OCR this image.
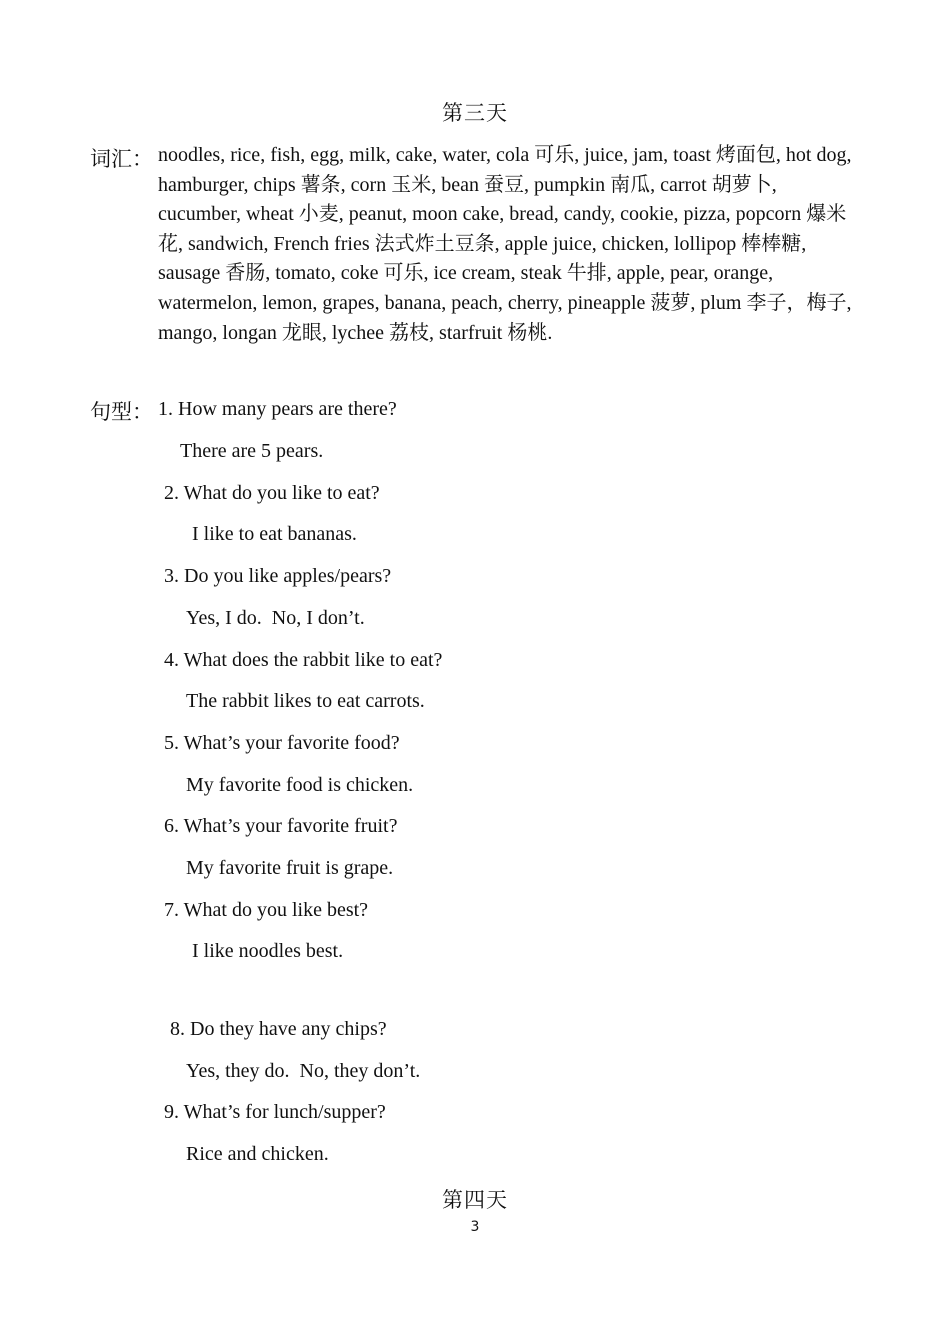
第三天
词汇： noodles, rice, fish, egg, milk, cake, water, cola 可乐, juice, jam, toast 烤面包, hot dog, hamburger, chips 薯条, corn 玉米, bean 蚕豆, pumpkin 南瓜, carrot 胡萝卜, cucumber, wheat 小麦, peanut, moon cake, bread, candy, cookie, pizza, popcorn 爆米花, sandwich, French fries 法式炸土豆条, apple juice, chicken, lollipop 棒棒糖, sausage 香肠, tomato, coke 可乐, ice cream, steak 牛排, apple, pear, orange, watermelon, lemon, grapes, banana, peach, cherry, pineapple 菠萝, plum 李子，梅子, mango, longan 龙眼, lychee 荔枝, starfruit 杨桃.

句型： 1. How many pears are there?
There are 5 pears.
2. What do you like to eat?
I like to eat bananas.
3. Do you like apples/pears?
Yes, I do.  No, I don’t.
4. What does the rabbit like to eat?
The rabbit likes to eat carrots.
5. What’s your favorite food?
My favorite food is chicken.
6. What’s your favorite fruit?
My favorite fruit is grape.
7. What do you like best?
I like noodles best.
8. Do they have any chips?
Yes, they do.  No, they don’t.
9. What’s for lunch/supper?
Rice and chicken.
第四天
3
